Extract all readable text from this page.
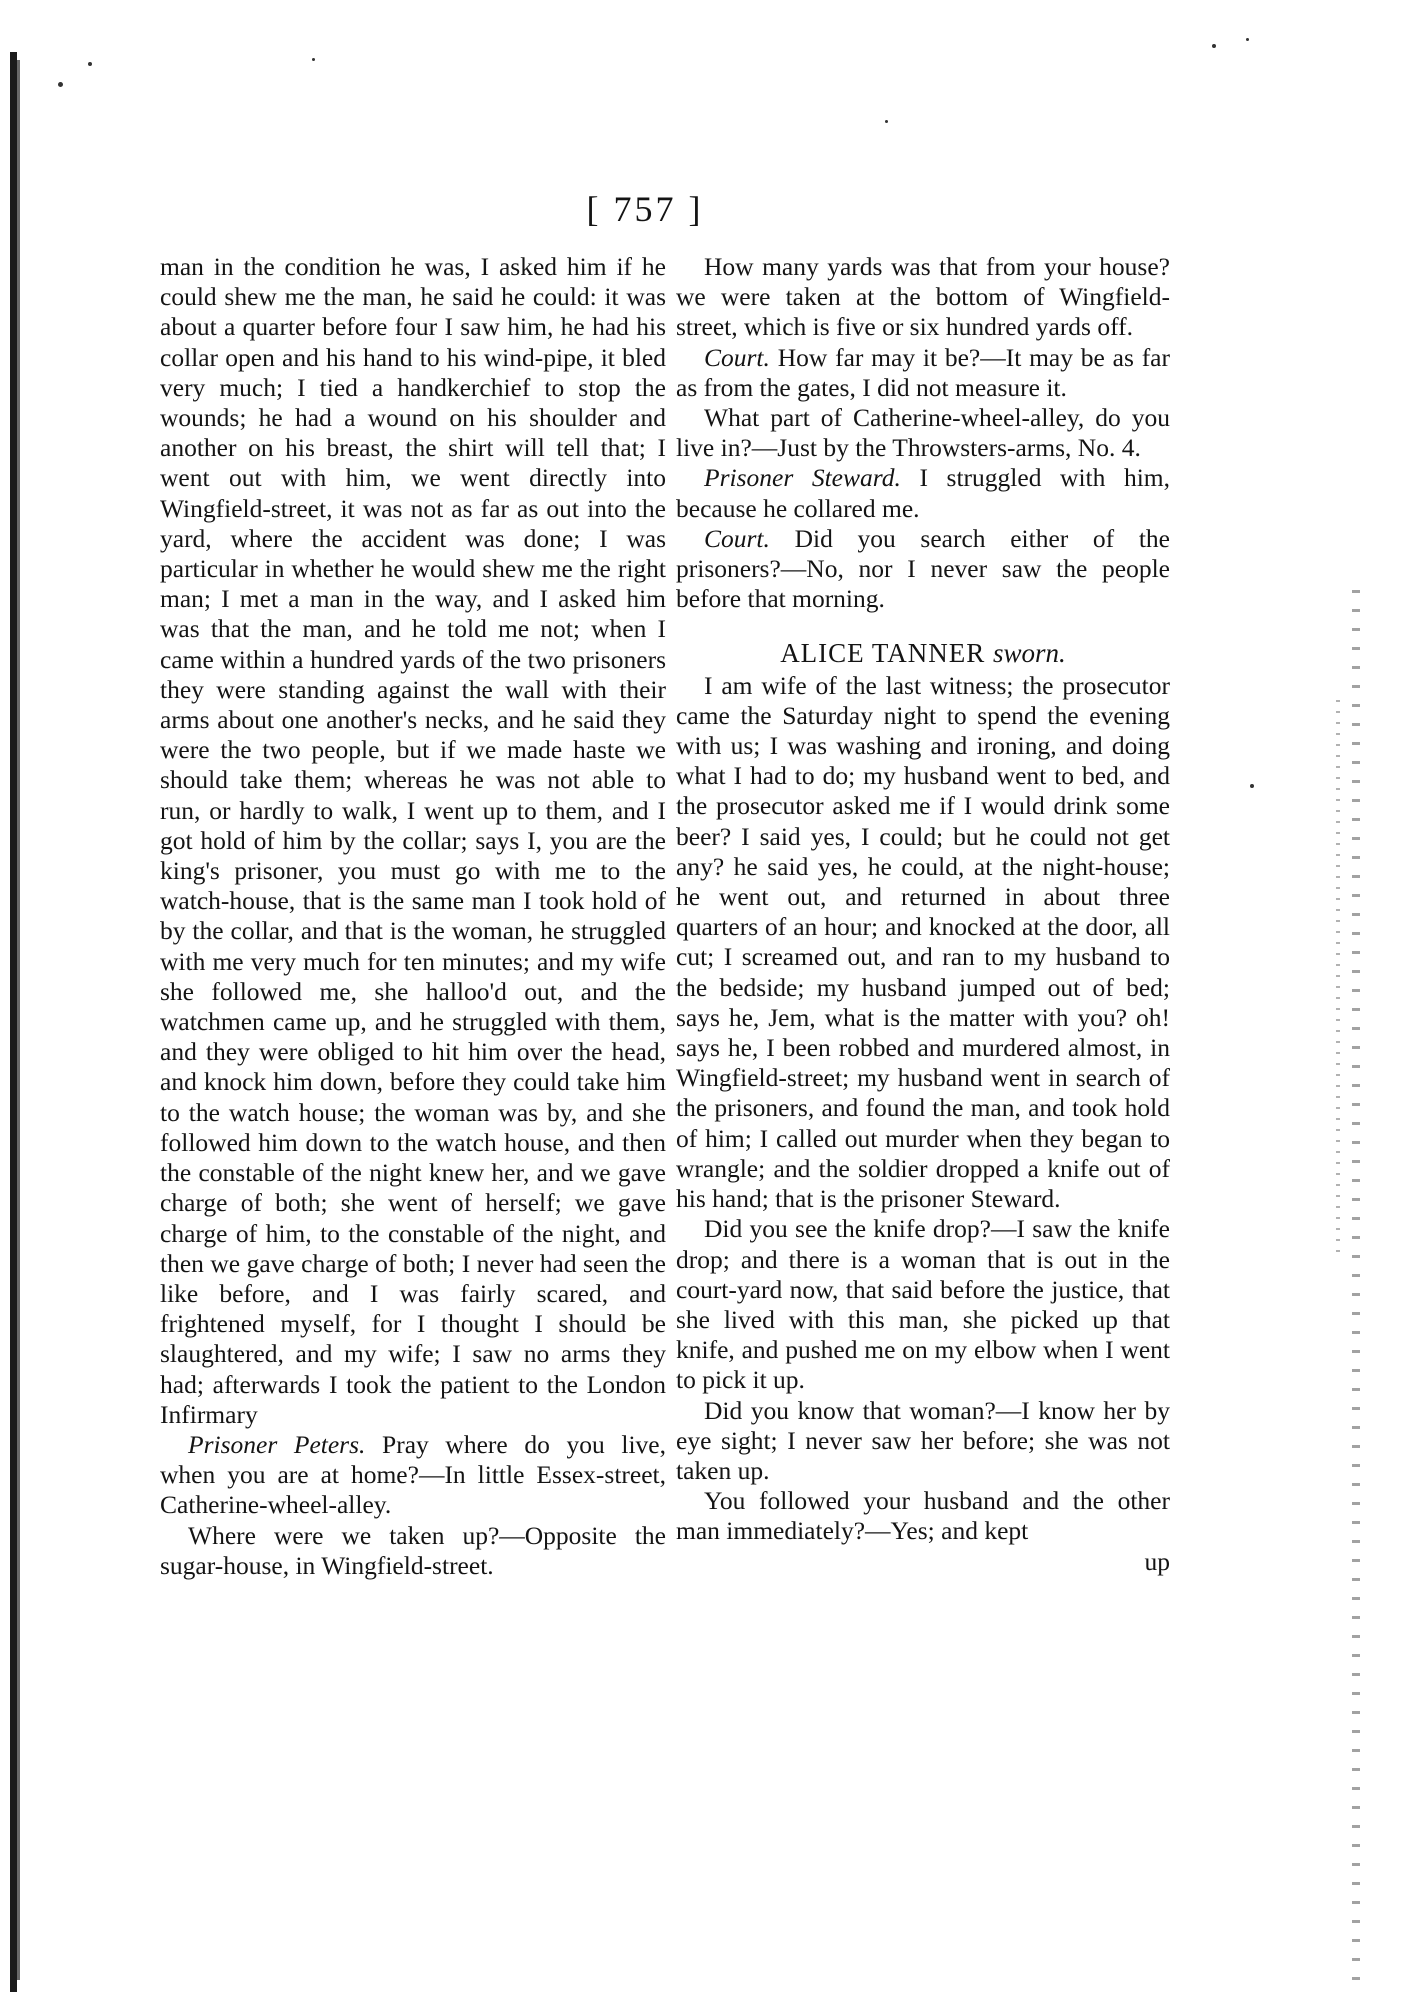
[ 757 ]

man in the condition he was, I asked him if he could shew me the man, he said he could: it was about a quarter before four I saw him, he had his collar open and his hand to his wind-pipe, it bled very much; I tied a handkerchief to stop the wounds; he had a wound on his shoulder and another on his breast, the shirt will tell that; I went out with him, we went directly into Wingfield-street, it was not as far as out into the yard, where the accident was done; I was particular in whether he would shew me the right man; I met a man in the way, and I asked him was that the man, and he told me not; when I came within a hundred yards of the two prisoners they were standing against the wall with their arms about one another's necks, and he said they were the two people, but if we made haste we should take them; whereas he was not able to run, or hardly to walk, I went up to them, and I got hold of him by the collar; says I, you are the king's prisoner, you must go with me to the watch-house, that is the same man I took hold of by the collar, and that is the woman, he struggled with me very much for ten minutes; and my wife she followed me, she halloo'd out, and the watchmen came up, and he struggled with them, and they were obliged to hit him over the head, and knock him down, before they could take him to the watch house; the woman was by, and she followed him down to the watch house, and then the constable of the night knew her, and we gave charge of both; she went of herself; we gave charge of him, to the constable of the night, and then we gave charge of both; I never had seen the like before, and I was fairly scared, and frightened myself, for I thought I should be slaughtered, and my wife; I saw no arms they had; afterwards I took the patient to the London Infirmary

Prisoner Peters. Pray where do you live, when you are at home?—In little Essex-street, Catherine-wheel-alley.

Where were we taken up?—Opposite the sugar-house, in Wingfield-street.

How many yards was that from your house? we were taken at the bottom of Wingfield-street, which is five or six hundred yards off.

Court. How far may it be?—It may be as far as from the gates, I did not measure it.

What part of Catherine-wheel-alley, do you live in?—Just by the Throwsters-arms, No. 4.

Prisoner Steward. I struggled with him, because he collared me.

Court. Did you search either of the prisoners?—No, nor I never saw the people before that morning.

ALICE TANNER sworn.

I am wife of the last witness; the prosecutor came the Saturday night to spend the evening with us; I was washing and ironing, and doing what I had to do; my husband went to bed, and the prosecutor asked me if I would drink some beer? I said yes, I could; but he could not get any? he said yes, he could, at the night-house; he went out, and returned in about three quarters of an hour; and knocked at the door, all cut; I screamed out, and ran to my husband to the bedside; my husband jumped out of bed; says he, Jem, what is the matter with you? oh! says he, I been robbed and murdered almost, in Wingfield-street; my husband went in search of the prisoners, and found the man, and took hold of him; I called out murder when they began to wrangle; and the soldier dropped a knife out of his hand; that is the prisoner Steward.

Did you see the knife drop?—I saw the knife drop; and there is a woman that is out in the court-yard now, that said before the justice, that she lived with this man, she picked up that knife, and pushed me on my elbow when I went to pick it up.

Did you know that woman?—I know her by eye sight; I never saw her before; she was not taken up.

You followed your husband and the other man immediately?—Yes; and kept

up
